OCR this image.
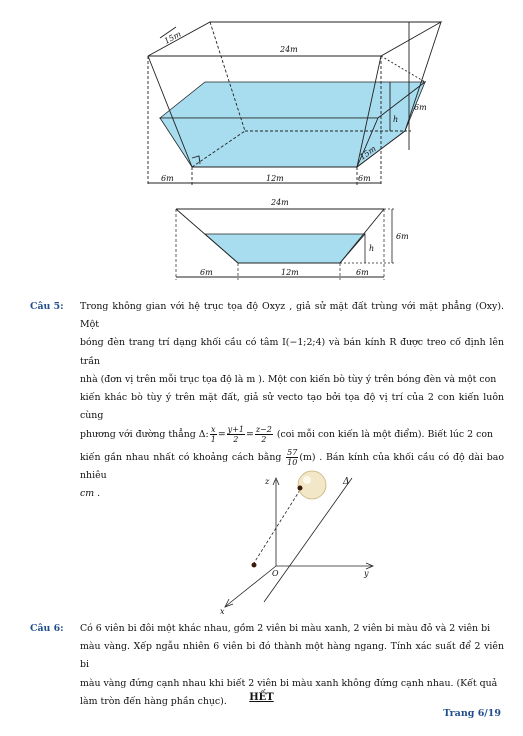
15m
24m
6m
h
15m
6m	12m	6m
24m
6m
h
6m	12m	6m
Câu 5: Trong không gian với hệ trục tọa độ Oxyz , giả sử mặt đất trùng với mặt phẳng (Oxy). Một
bóng đèn trang trí dạng khối cầu có tâm I(−1;2;4) và bán kính R được treo cố định lên trần
nhà (đơn vị trên mỗi trục tọa độ là m ). Một con kiến bò tùy ý trên bóng đèn và một con
kiến khác bò tùy ý trên mặt đất, giả sử vecto tạo bởi tọa độ vị trí của 2 con kiến luôn cùng
phương với đường thẳng Δ: $\frac{x}{1} = \frac{y+1}{2} = \frac{z-2}{2} (coi$ mỗi con kiến là một điểm). Biết lúc 2 con
kiến gần nhau nhất có khoảng cách bằng $\frac{57}{10} (m)$ . Bán kính của khối cầu có độ dài bao nhiêu
cm .
z
y
x
O
Δ
Câu 6: Có 6 viên bi đôi một khác nhau, gồm 2 viên bi màu xanh, 2 viên bi màu đỏ và 2 viên bi
màu vàng. Xếp ngẫu nhiên 6 viên bi đó thành một hàng ngang. Tính xác suất để 2 viên bi
màu vàng đứng cạnh nhau khi biết 2 viên bi màu xanh không đứng cạnh nhau. (Kết quả
làm tròn đến hàng phần chục).	HẾT
Trang 6/19
